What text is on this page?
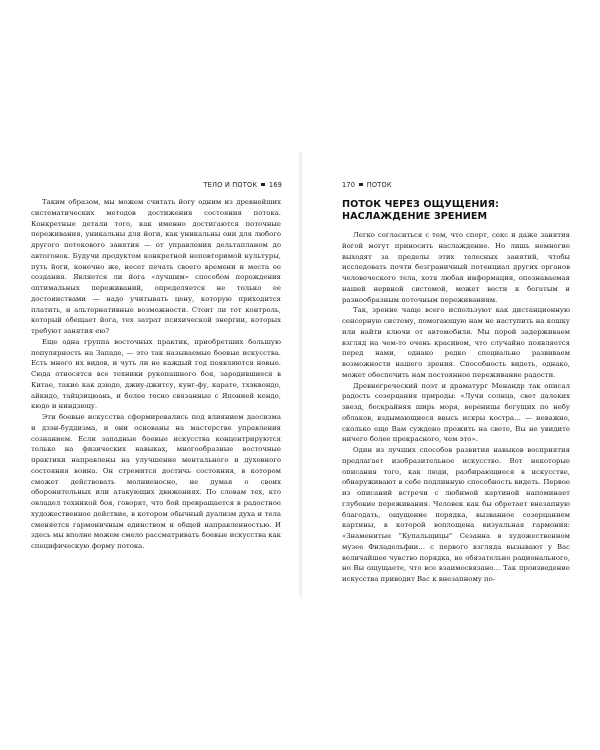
ТЕЛО И ПОТОК 169

Таким образом, мы можем считать йогу одним из древнейших систематических методов достижения состояния потока. Конкретные детали того, как именно достигаются поточные переживания, уникальны для йоги, как уникальны они для любого другого потокового занятия — от управления дельтапланом до автогонок. Будучи продуктом конкретной неповторимой культуры, путь йоги, конечно же, несет печать своего времени и места ее создания. Является ли йога «лучшим» способом порождения оптимальных переживаний, определяется не только ее достоинствами — надо учитывать цену, которую приходится платить, и альтернативные возможности. Стоит ли тот контроль, который обещает йога, тех затрат психической энергии, которых требуют занятия ею?

Еще одна группа восточных практик, приобретших большую популярность на Западе, — это так называемые боевые искусства. Есть много их видов, и чуть ли не каждый год появляются новые. Сюда относятся все техники рукопашного боя, зародившиеся в Китае, такие как дзюдо, джиу-джитсу, кунг-фу, карате, тхэквондо, айкидо, тайцзицюань, и более тесно связанные с Японией кендо, кюдо и ниндзюцу.

Эти боевые искусства сформировались под влиянием даосизма и дзэн-буддизма, и они основаны на мастерстве управления сознанием. Если западные боевые искусства концентрируются только на физических навыках, многообразные восточные практики направлены на улучшение ментального и духовного состояния воина. Он стремится достичь состояния, в котором сможет действовать молниеносно, не думая о своих оборонительных или атакующих движениях. По словам тех, кто овладел техникой боя, говорят, что бой превращается в радостное художественное действие, в котором обычный дуализм духа и тела сменяется гармоничным единством и общей направленностью. И здесь мы вполне можем смело рассматривать боевые искусства как специфическую форму потока.

170 ПОТОК
ПОТОК ЧЕРЕЗ ОЩУЩЕНИЯ:
НАСЛАЖДЕНИЕ ЗРЕНИЕМ

Легко согласиться с тем, что спорт, секс и даже занятия йогой могут приносить наслаждение. Но лишь немногие выходят за пределы этих телесных занятий, чтобы исследовать почти безграничный потенциал других органов человеческого тела, хотя любая информация, опознаваемая нашей нервной системой, может вести к богатым и разнообразным поточным переживаниям.

Так, зрение чаще всего используют как дистанционную сенсорную систему, помогающую нам не наступить на кошку или найти ключи от автомобиля. Мы порой задерживаем взгляд на чем-то очень красивом, что случайно появляется перед нами, однако редко специально развиваем возможности нашего зрения. Способность видеть, однако, может обеспечить нам постоянное переживание радости.

Древнегреческий поэт и драматург Менандр так описал радость созерцания природы: «Лучи солнца, свет далеких звезд, бескрайняя ширь моря, вереницы бегущих по небу облаков, вздымающиеся ввысь искры костра… — неважно, сколько еще Вам суждено прожить на свете, Вы не увидите ничего более прекрасного, чем это».

Один из лучших способов развития навыков восприятия предлагает изобразительное искусство. Вот некоторые описания того, как люди, разбирающиеся в искусстве, обнаруживают в себе подлинную способность видеть. Первое из описаний встречи с любимой картиной напоминает глубокие переживания. Человек как бы обретает внезапную благодать, ощущение порядка, вызванное созерцанием картины, в которой воплощена визуальная гармония: «Знаменитые "Купальщицы" Сезанна в художественном музее Филадельфии… с первого взгляда вызывают у Вас величайшее чувство порядка, не обязательно рационального, но Вы ощущаете, что все взаимосвязано… Так произведение искусства приводит Вас к внезапному по-
